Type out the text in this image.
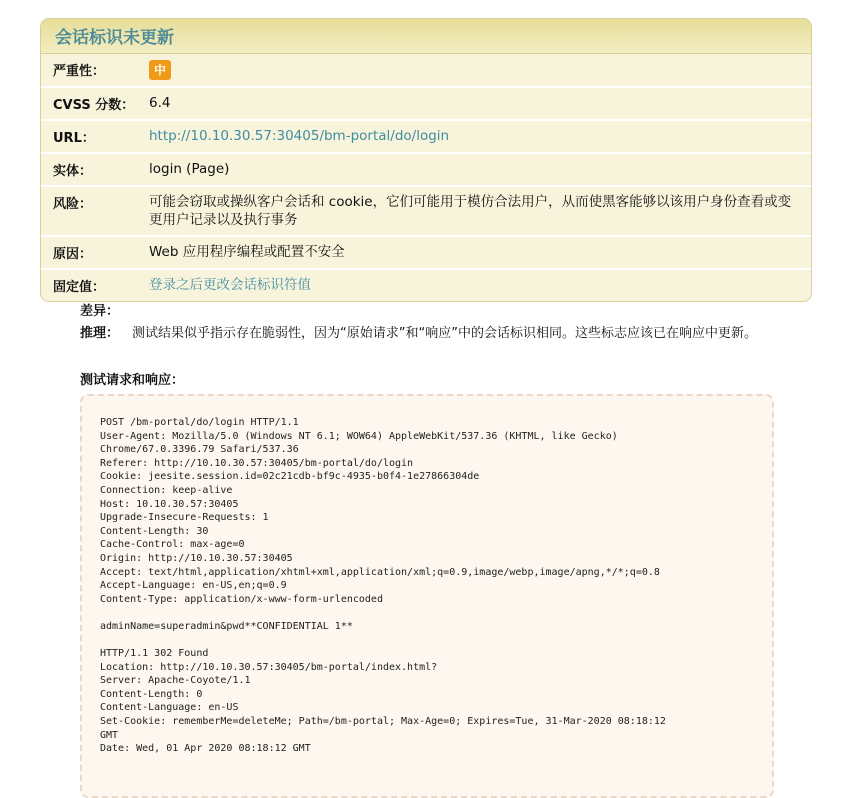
会话标识未更新
严重性：	中
CVSS 分数：	6.4
URL：	http://10.10.30.57:30405/bm-portal/do/login
实体：	login (Page)
风险：	可能会窃取或操纵客户会话和 cookie，它们可能用于模仿合法用户，从而使黑客能够以该用户身份查看或变更用户记录以及执行事务
原因：	Web 应用程序编程或配置不安全
固定值：	登录之后更改会话标识符值
差异：
推理： 测试结果似乎指示存在脆弱性，因为“原始请求”和“响应”中的会话标识相同。这些标志应该已在响应中更新。
测试请求和响应：
POST /bm-portal/do/login HTTP/1.1
User-Agent: Mozilla/5.0 (Windows NT 6.1; WOW64) AppleWebKit/537.36 (KHTML, like Gecko)
Chrome/67.0.3396.79 Safari/537.36
Referer: http://10.10.30.57:30405/bm-portal/do/login
Cookie: jeesite.session.id=02c21cdb-bf9c-4935-b0f4-1e27866304de
Connection: keep-alive
Host: 10.10.30.57:30405
Upgrade-Insecure-Requests: 1
Content-Length: 30
Cache-Control: max-age=0
Origin: http://10.10.30.57:30405
Accept: text/html,application/xhtml+xml,application/xml;q=0.9,image/webp,image/apng,*/*;q=0.8
Accept-Language: en-US,en;q=0.9
Content-Type: application/x-www-form-urlencoded

adminName=superadmin&pwd**CONFIDENTIAL 1**

HTTP/1.1 302 Found
Location: http://10.10.30.57:30405/bm-portal/index.html?
Server: Apache-Coyote/1.1
Content-Length: 0
Content-Language: en-US
Set-Cookie: rememberMe=deleteMe; Path=/bm-portal; Max-Age=0; Expires=Tue, 31-Mar-2020 08:18:12
GMT
Date: Wed, 01 Apr 2020 08:18:12 GMT
